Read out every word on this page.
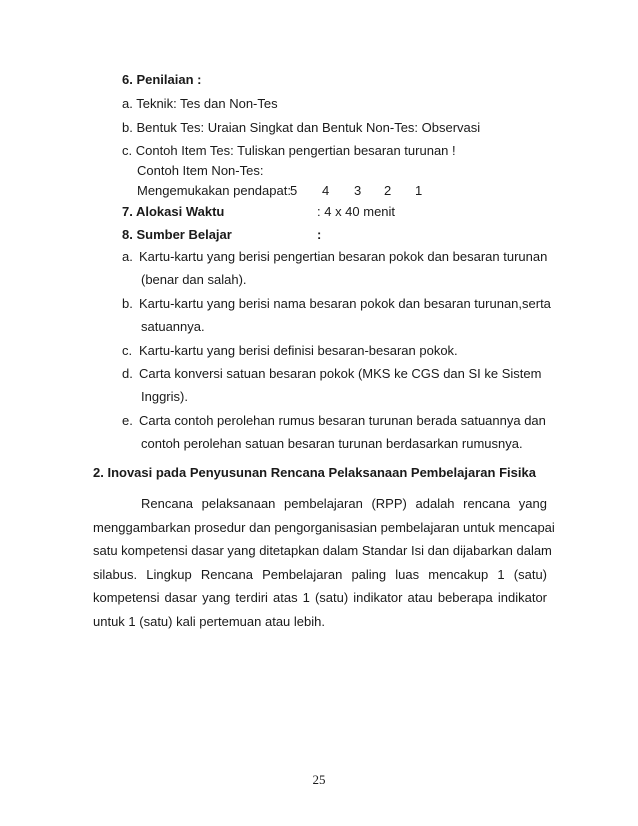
6. Penilaian :
a. Teknik: Tes dan Non-Tes
b. Bentuk Tes: Uraian Singkat dan Bentuk Non-Tes: Observasi
c. Contoh Item Tes: Tuliskan pengertian besaran turunan !
Contoh Item Non-Tes:
Mengemukakan pendapat: 5 4 3 2 1
7. Alokasi Waktu	: 4 x 40 menit
8. Sumber Belajar	:
a. Kartu-kartu yang berisi pengertian besaran pokok dan besaran turunan
(benar dan salah).
b. Kartu-kartu yang berisi nama besaran pokok dan besaran turunan,serta
satuannya.
c. Kartu-kartu yang berisi definisi besaran-besaran pokok.
d. Carta konversi satuan besaran pokok (MKS ke CGS dan SI ke Sistem
Inggris).
e. Carta contoh perolehan rumus besaran turunan berada satuannya dan
contoh perolehan satuan besaran turunan berdasarkan rumusnya.
2. Inovasi pada Penyusunan Rencana Pelaksanaan Pembelajaran Fisika
Rencana pelaksanaan pembelajaran (RPP) adalah rencana yang
menggambarkan prosedur dan pengorganisasian pembelajaran untuk mencapai
satu kompetensi dasar yang ditetapkan dalam Standar Isi dan dijabarkan dalam
silabus. Lingkup Rencana Pembelajaran paling luas mencakup 1 (satu)
kompetensi dasar yang terdiri atas 1 (satu) indikator atau beberapa indikator
untuk 1 (satu) kali pertemuan atau lebih.
25
